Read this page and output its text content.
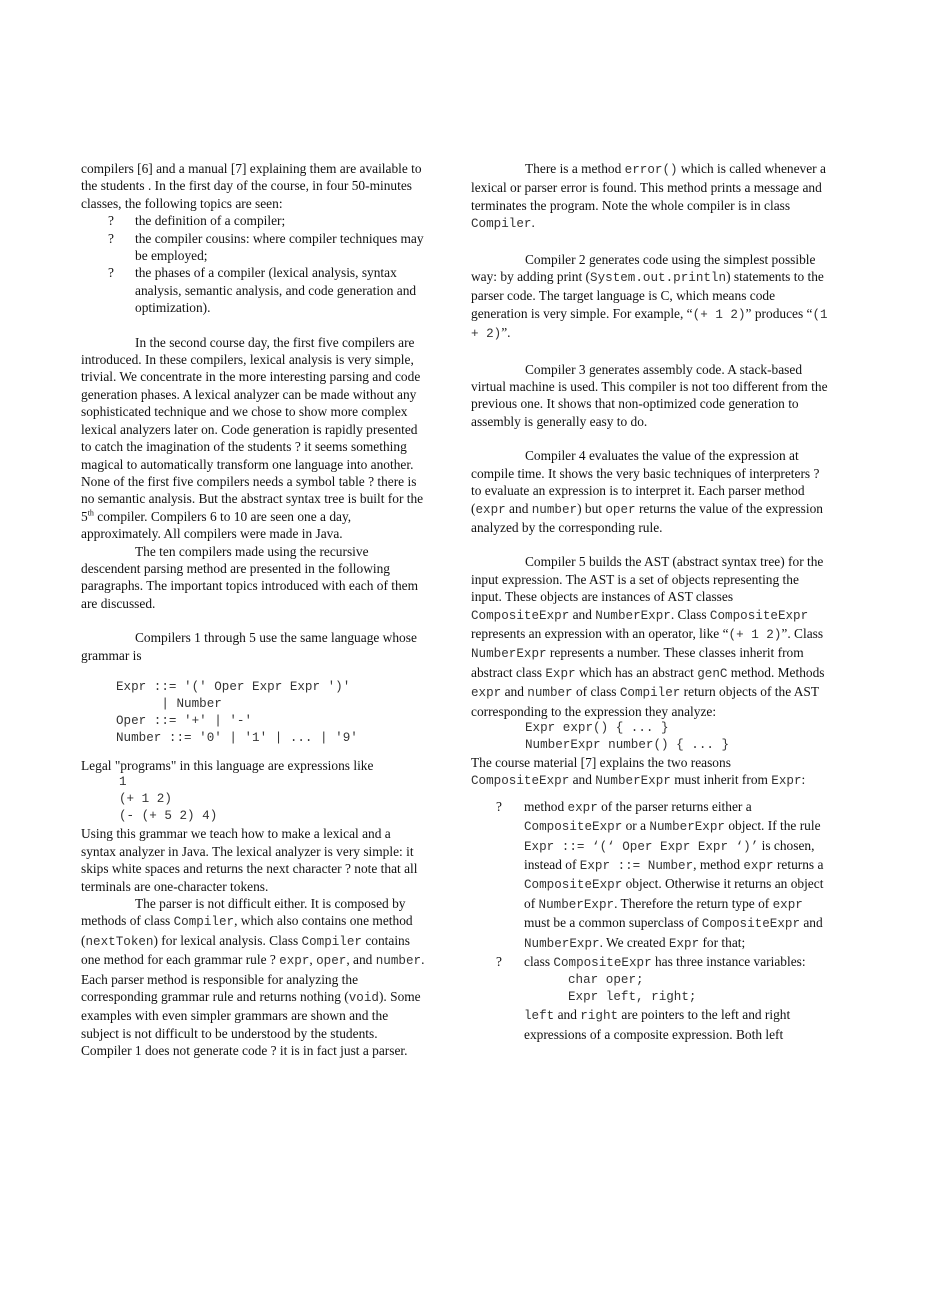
compilers [6] and a manual [7] explaining them are available to the students . In the first day of the course, in four 50-minutes classes, the following topics are seen:

? the definition of a compiler;
? the compiler cousins: where compiler techniques may be employed;
? the phases of a compiler (lexical analysis, syntax analysis, semantic analysis, and code generation and optimization).

In the second course day, the first five compilers are introduced. In these compilers, lexical analysis is very simple, trivial. We concentrate in the more interesting parsing and code generation phases. A lexical analyzer can be made without any sophisticated technique and we chose to show more complex lexical analyzers later on. Code generation is rapidly presented to catch the imagination of the students ? it seems something magical to automatically transform one language into another. None of the first five compilers needs a symbol table ? there is no semantic analysis. But the abstract syntax tree is built for the 5th compiler. Compilers 6 to 10 are seen one a day, approximately. All compilers were made in Java.

The ten compilers made using the recursive descendent parsing method are presented in the following paragraphs. The important topics introduced with each of them are discussed.

Compilers 1 through 5 use the same language whose grammar is

Expr ::= '(' Oper Expr Expr ')'
| Number
Oper ::= '+' | '-'
Number ::= '0' | '1' | ... | '9'

Legal "programs" in this language are expressions like

1
(+ 1 2)
(- (+ 5 2) 4)

Using this grammar we teach how to make a lexical and a syntax analyzer in Java. The lexical analyzer is very simple: it skips white spaces and returns the next character ? note that all terminals are one-character tokens.

The parser is not difficult either. It is composed by methods of class Compiler, which also contains one method (nextToken) for lexical analysis. Class Compiler contains one method for each grammar rule ? expr, oper, and number. Each parser method is responsible for analyzing the corresponding grammar rule and returns nothing (void). Some examples with even simpler grammars are shown and the subject is not difficult to be understood by the students. Compiler 1 does not generate code ? it is in fact just a parser.

There is a method error() which is called whenever a lexical or parser error is found. This method prints a message and terminates the program. Note the whole compiler is in class Compiler.

Compiler 2 generates code using the simplest possible way: by adding print (System.out.println) statements to the parser code. The target language is C, which means code generation is very simple. For example, “(+ 1 2)” produces “(1 + 2)”.

Compiler 3 generates assembly code. A stack-based virtual machine is used. This compiler is not too different from the previous one. It shows that non-optimized code generation to assembly is generally easy to do.

Compiler 4 evaluates the value of the expression at compile time. It shows the very basic techniques of interpreters ? to evaluate an expression is to interpret it. Each parser method (expr and number) but oper returns the value of the expression analyzed by the corresponding rule.

Compiler 5 builds the AST (abstract syntax tree) for the input expression. The AST is a set of objects representing the input. These objects are instances of AST classes CompositeExpr and NumberExpr. Class CompositeExpr represents an expression with an operator, like “(+ 1 2)”. Class NumberExpr represents a number. These classes inherit from abstract class Expr which has an abstract genC method. Methods expr and number of class Compiler return objects of the AST corresponding to the expression they analyze:

Expr expr() { ... }
NumberExpr number() { ... }

The course material [7] explains the two reasons CompositeExpr and NumberExpr must inherit from Expr:

? method expr of the parser returns either a CompositeExpr or a NumberExpr object. If the rule Expr ::= ‘(‘ Oper Expr Expr ‘)’ is chosen, instead of Expr ::= Number, method expr returns a CompositeExpr object. Otherwise it returns an object of NumberExpr. Therefore the return type of expr must be a common superclass of CompositeExpr and NumberExpr. We created Expr for that;
? class CompositeExpr has three instance variables:
char oper;
Expr left, right;
left and right are pointers to the left and right expressions of a composite expression. Both left
